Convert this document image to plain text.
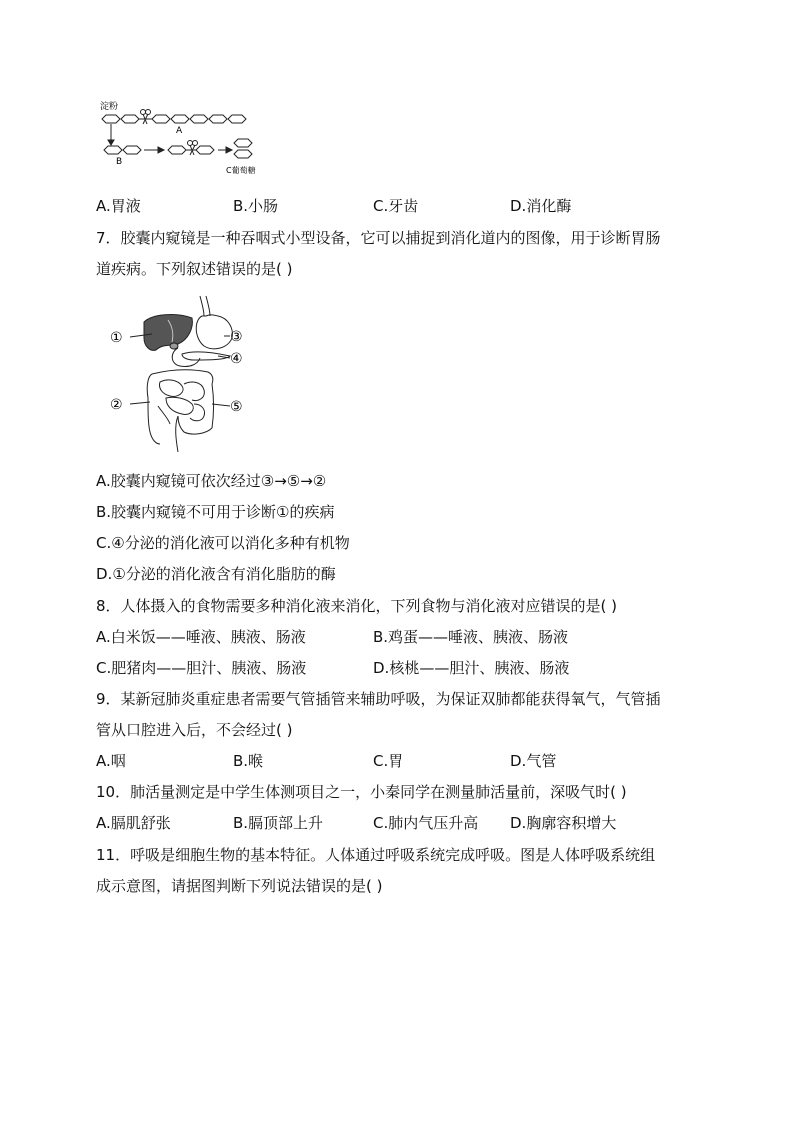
淀粉
A
B
C葡萄糖
A.胃液	B.小肠	C.牙齿	D.消化酶
7．胶囊内窥镜是一种吞咽式小型设备，它可以捕捉到消化道内的图像，用于诊断胃肠
道疾病。下列叙述错误的是( )
①
②
③
④
⑤
A.胶囊内窥镜可依次经过③→⑤→②
B.胶囊内窥镜不可用于诊断①的疾病
C.④分泌的消化液可以消化多种有机物
D.①分泌的消化液含有消化脂肪的酶
8．人体摄入的食物需要多种消化液来消化，下列食物与消化液对应错误的是( )
A.白米饭——唾液、胰液、肠液	B.鸡蛋——唾液、胰液、肠液
C.肥猪肉——胆汁、胰液、肠液	D.核桃——胆汁、胰液、肠液
9．某新冠肺炎重症患者需要气管插管来辅助呼吸，为保证双肺都能获得氧气，气管插
管从口腔进入后，不会经过( )
A.咽	B.喉	C.胃	D.气管
10．肺活量测定是中学生体测项目之一，小秦同学在测量肺活量前，深吸气时( )
A.膈肌舒张	B.膈顶部上升	C.肺内气压升高 D.胸廓容积增大
11．呼吸是细胞生物的基本特征。人体通过呼吸系统完成呼吸。图是人体呼吸系统组
成示意图，请据图判断下列说法错误的是( )
